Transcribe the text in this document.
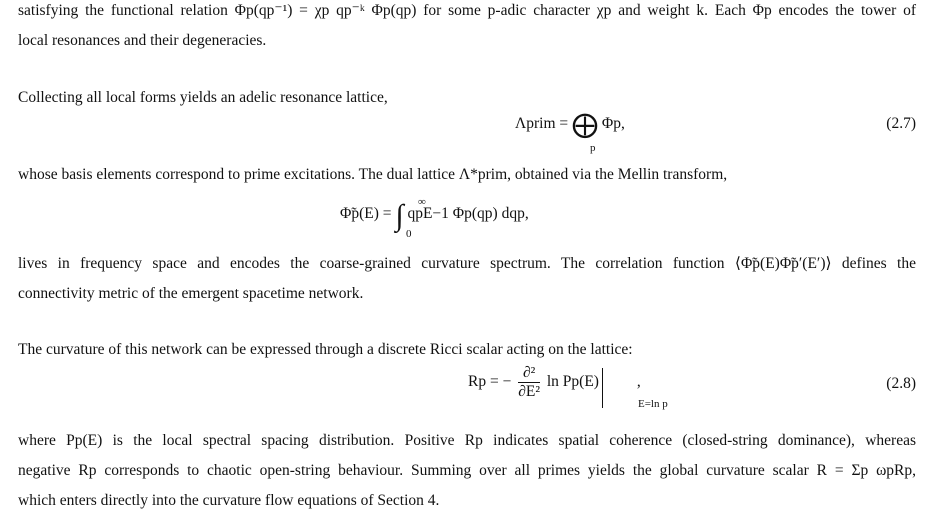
satisfying the functional relation Φp(qp⁻¹) = χp qp⁻ᵏ Φp(qp) for some p-adic character χp and weight k. Each Φp encodes the tower of
local resonances and their degeneracies.
Collecting all local forms yields an adelic resonance lattice,
Λprim = ⨁ Φp,
p
(2.7)
whose basis elements correspond to prime excitations. The dual lattice Λ*prim, obtained via the Mellin transform,
Φ̃p(E) = ∫ qpE−1 Φp(qp) dqp,
∞
0
lives in frequency space and encodes the coarse-grained curvature spectrum. The correlation function ⟨Φ̃p(E)Φ̃p′(E′)⟩ defines the
connectivity metric of the emergent spacetime network.
The curvature of this network can be expressed through a discrete Ricci scalar acting on the lattice:
Rp = − $\frac{\text{∂²}}{\text{∂E²}}$ ln Pp(E) ,
E=ln p
(2.8)
where Pp(E) is the local spectral spacing distribution. Positive Rp indicates spatial coherence (closed-string dominance), whereas
negative Rp corresponds to chaotic open-string behaviour. Summing over all primes yields the global curvature scalar R = Σp ωpRp,
which enters directly into the curvature flow equations of Section 4.
